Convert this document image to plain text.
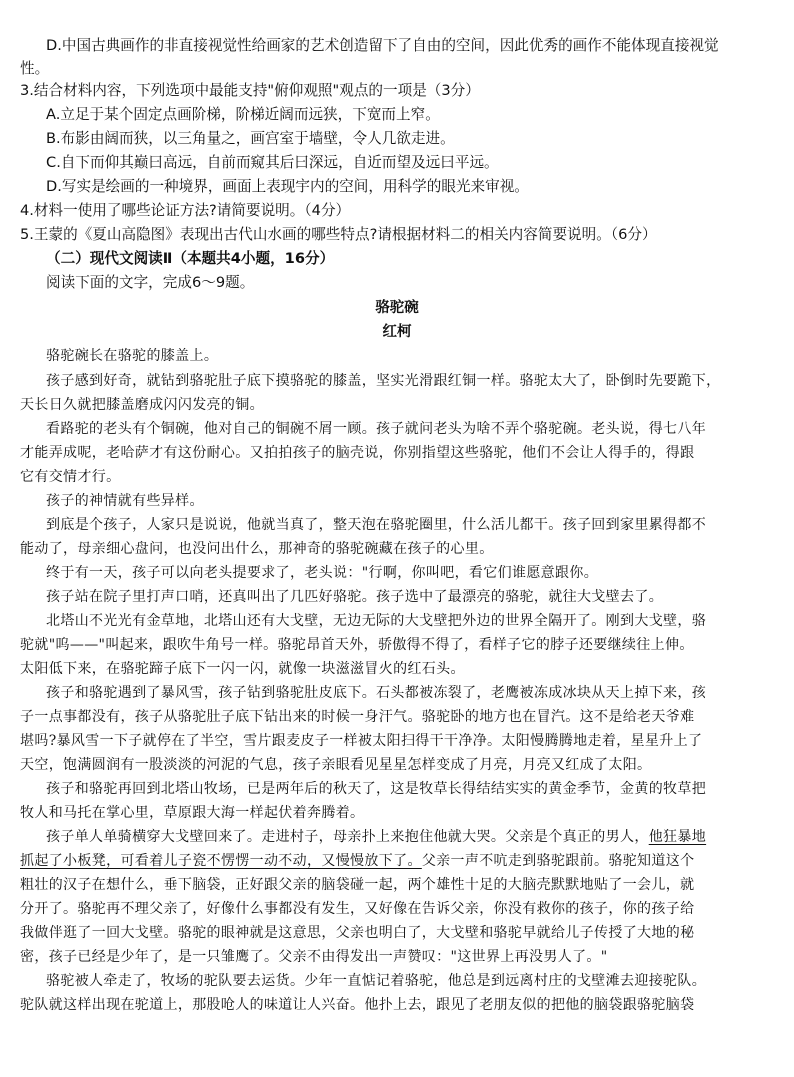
D.中国古典画作的非直接视觉性给画家的艺术创造留下了自由的空间，因此优秀的画作不能体现直接视觉
性。
3.结合材料内容，下列选项中最能支持"俯仰观照"观点的一项是（3分）
A.立足于某个固定点画阶梯，阶梯近阔而远狭，下宽而上窄。
B.布影由阔而狭，以三角量之，画宫室于墙壁，令人几欲走进。
C.自下而仰其巅曰高远，自前而窥其后曰深远，自近而望及远曰平远。
D.写实是绘画的一种境界，画面上表现宇内的空间，用科学的眼光来审视。
4.材料一使用了哪些论证方法?请简要说明。（4分）
5.王蒙的《夏山高隐图》表现出古代山水画的哪些特点?请根据材料二的相关内容简要说明。（6分）
（二）现代文阅读Ⅱ（本题共4小题，16分）
阅读下面的文字，完成6～9题。
骆驼碗
红柯
骆驼碗长在骆驼的膝盖上。
孩子感到好奇，就钻到骆驼肚子底下摸骆驼的膝盖，坚实光滑跟红铜一样。骆驼太大了，卧倒时先要跪下，
天长日久就把膝盖磨成闪闪发亮的铜。
看路驼的老头有个铜碗，他对自己的铜碗不屑一顾。孩子就问老头为啥不弄个骆驼碗。老头说，得七八年
才能弄成呢，老哈萨才有这份耐心。又拍拍孩子的脑壳说，你别指望这些骆驼，他们不会让人得手的，得跟
它有交情才行。
孩子的神情就有些异样。
到底是个孩子，人家只是说说，他就当真了，整天泡在骆驼圈里，什么活儿都干。孩子回到家里累得都不
能动了，母亲细心盘问，也没问出什么，那神奇的骆驼碗藏在孩子的心里。
终于有一天，孩子可以向老头提要求了，老头说："行啊，你叫吧，看它们谁愿意跟你。
孩子站在院子里打声口哨，还真叫出了几匹好骆驼。孩子选中了最漂亮的骆驼，就往大戈壁去了。
北塔山不光光有金草地，北塔山还有大戈壁，无边无际的大戈壁把外边的世界全隔开了。刚到大戈壁，骆
驼就"呜——"叫起来，跟吹牛角号一样。骆驼昂首天外，骄傲得不得了，看样子它的脖子还要继续往上伸。
太阳低下来，在骆驼蹄子底下一闪一闪，就像一块滋滋冒火的红石头。
孩子和骆驼遇到了暴风雪，孩子钻到骆驼肚皮底下。石头都被冻裂了，老鹰被冻成冰块从天上掉下来，孩
子一点事都没有，孩子从骆驼肚子底下钻出来的时候一身汗气。骆驼卧的地方也在冒汽。这不是给老天爷难
堪吗?暴风雪一下子就停在了半空，雪片跟麦皮子一样被太阳扫得干干净净。太阳慢腾腾地走着，星星升上了
天空，饱满圆润有一股淡淡的河泥的气息，孩子亲眼看见星星怎样变成了月亮，月亮又红成了太阳。
孩子和骆驼再回到北塔山牧场，已是两年后的秋天了，这是牧草长得结结实实的黄金季节，金黄的牧草把
牧人和马托在掌心里，草原跟大海一样起伏着奔腾着。
孩子单人单骑横穿大戈壁回来了。走进村子，母亲扑上来抱住他就大哭。父亲是个真正的男人，他狂暴地
抓起了小板凳，可看着儿子瓷不愣愣一动不动，又慢慢放下了。父亲一声不吭走到骆驼跟前。骆驼知道这个
粗壮的汉子在想什么，垂下脑袋，正好跟父亲的脑袋碰一起，两个雄性十足的大脑壳默默地贴了一会儿，就
分开了。骆驼再不理父亲了，好像什么事都没有发生，又好像在告诉父亲，你没有救你的孩子，你的孩子给
我做伴逛了一回大戈壁。骆驼的眼神就是这意思，父亲也明白了，大戈壁和骆驼早就给儿子传授了大地的秘
密，孩子已经是少年了，是一只雏鹰了。父亲不由得发出一声赞叹："这世界上再没男人了。"
骆驼被人牵走了，牧场的驼队要去运货。少年一直惦记着骆驼，他总是到远离村庄的戈壁滩去迎接驼队。
驼队就这样出现在驼道上，那股呛人的味道让人兴奋。他扑上去，跟见了老朋友似的把他的脑袋跟骆驼脑袋
